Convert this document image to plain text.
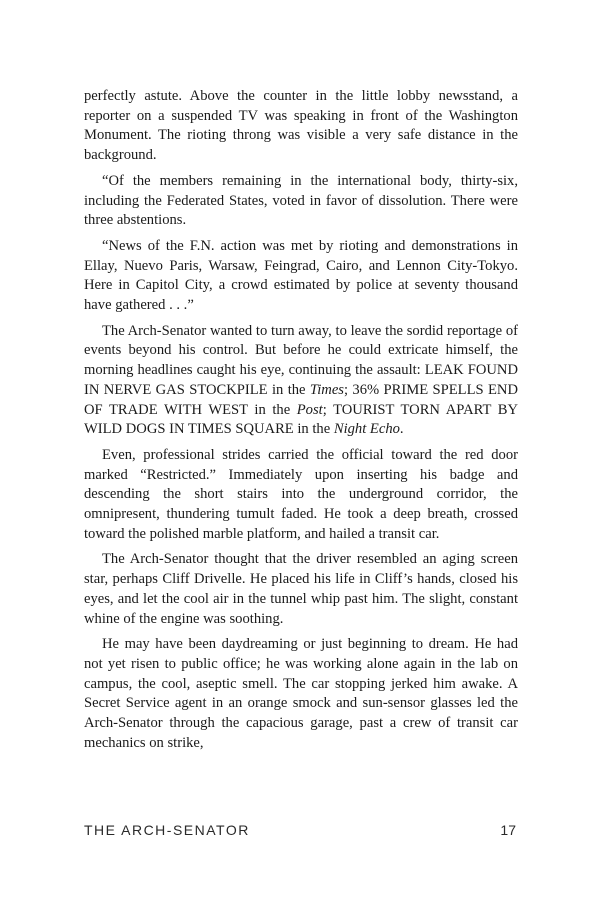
perfectly astute. Above the counter in the little lobby newsstand, a reporter on a suspended TV was speaking in front of the Washington Monument. The rioting throng was visible a very safe distance in the background.

“Of the members remaining in the international body, thirty-six, including the Federated States, voted in favor of dissolution. There were three abstentions.

“News of the F.N. action was met by rioting and demonstrations in Ellay, Nuevo Paris, Warsaw, Feingrad, Cairo, and Lennon City-Tokyo. Here in Capitol City, a crowd estimated by police at seventy thousand have gathered . . .”

The Arch-Senator wanted to turn away, to leave the sordid reportage of events beyond his control. But before he could extricate himself, the morning headlines caught his eye, continuing the assault: LEAK FOUND IN NERVE GAS STOCKPILE in the Times; 36% PRIME SPELLS END OF TRADE WITH WEST in the Post; TOURIST TORN APART BY WILD DOGS IN TIMES SQUARE in the Night Echo.

Even, professional strides carried the official toward the red door marked “Restricted.” Immediately upon inserting his badge and descending the short stairs into the underground corridor, the omnipresent, thundering tumult faded. He took a deep breath, crossed toward the polished marble platform, and hailed a transit car.

The Arch-Senator thought that the driver resembled an aging screen star, perhaps Cliff Drivelle. He placed his life in Cliff’s hands, closed his eyes, and let the cool air in the tunnel whip past him. The slight, constant whine of the engine was soothing.

He may have been daydreaming or just beginning to dream. He had not yet risen to public office; he was working alone again in the lab on campus, the cool, aseptic smell. The car stopping jerked him awake. A Secret Service agent in an orange smock and sun-sensor glasses led the Arch-Senator through the capacious garage, past a crew of transit car mechanics on strike,

THE ARCH-SENATOR	17
